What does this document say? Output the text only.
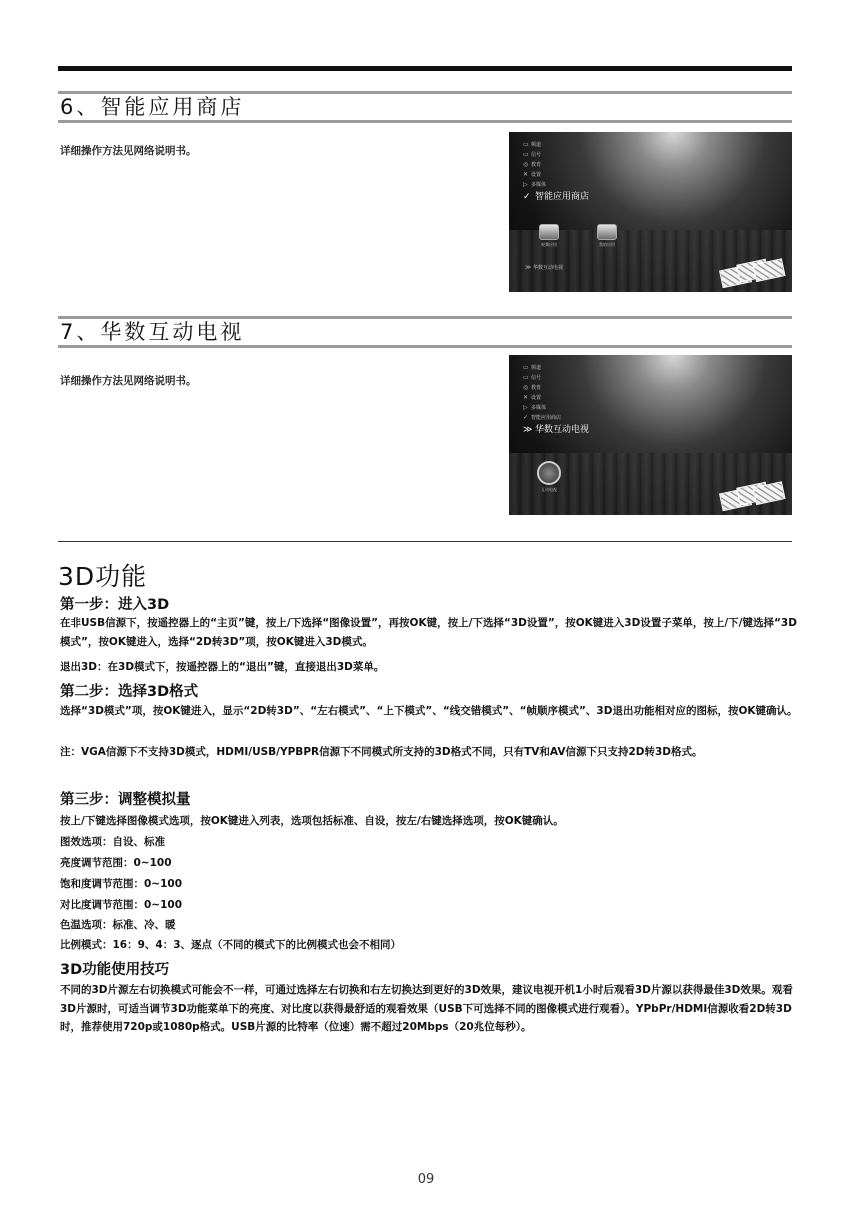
6、智能应用商店
详细操作方法见网络说明书。
▭ 频道
▭ 信号
◎ 教育
✕ 设置
▷ 多媒体
✓ 智能应用商店
视频应用	我的应用
≫ 华数互动电视
7、华数互动电视
详细操作方法见网络说明书。
▭ 频道
▭ 信号
◎ 教育
✕ 设置
▷ 多媒体
✓ 智能应用商店
≫ 华数互动电视
互动电视
3D功能
第一步：进入3D
在非USB信源下，按遥控器上的“主页”键，按上/下选择“图像设置”，再按OK键，按上/下选择“3D设置”，按OK键进入3D设置子菜单，按上/下/键选择“3D模式”，按OK键进入，选择“2D转3D”项，按OK键进入3D模式。
退出3D：在3D模式下，按遥控器上的“退出”键，直接退出3D菜单。
第二步：选择3D格式
选择“3D模式”项，按OK键进入，显示“2D转3D”、“左右模式”、“上下模式”、“线交错模式”、“帧顺序模式”、3D退出功能相对应的图标，按OK键确认。
注：VGA信源下不支持3D模式，HDMI/USB/YPBPR信源下不同模式所支持的3D格式不同，只有TV和AV信源下只支持2D转3D格式。
第三步：调整模拟量
按上/下键选择图像模式选项，按OK键进入列表，选项包括标准、自设，按左/右键选择选项，按OK键确认。
图效选项：自设、标准
亮度调节范围：0~100
饱和度调节范围：0~100
对比度调节范围：0~100
色温选项：标准、冷、暖
比例模式：16：9、4：3、逐点（不同的模式下的比例模式也会不相同）
3D功能使用技巧
不同的3D片源左右切换模式可能会不一样，可通过选择左右切换和右左切换达到更好的3D效果，建议电视开机1小时后观看3D片源以获得最佳3D效果。观看3D片源时，可适当调节3D功能菜单下的亮度、对比度以获得最舒适的观看效果（USB下可选择不同的图像模式进行观看）。YPbPr/HDMI信源收看2D转3D时，推荐使用720p或1080p格式。USB片源的比特率（位速）需不超过20Mbps（20兆位每秒）。
09
